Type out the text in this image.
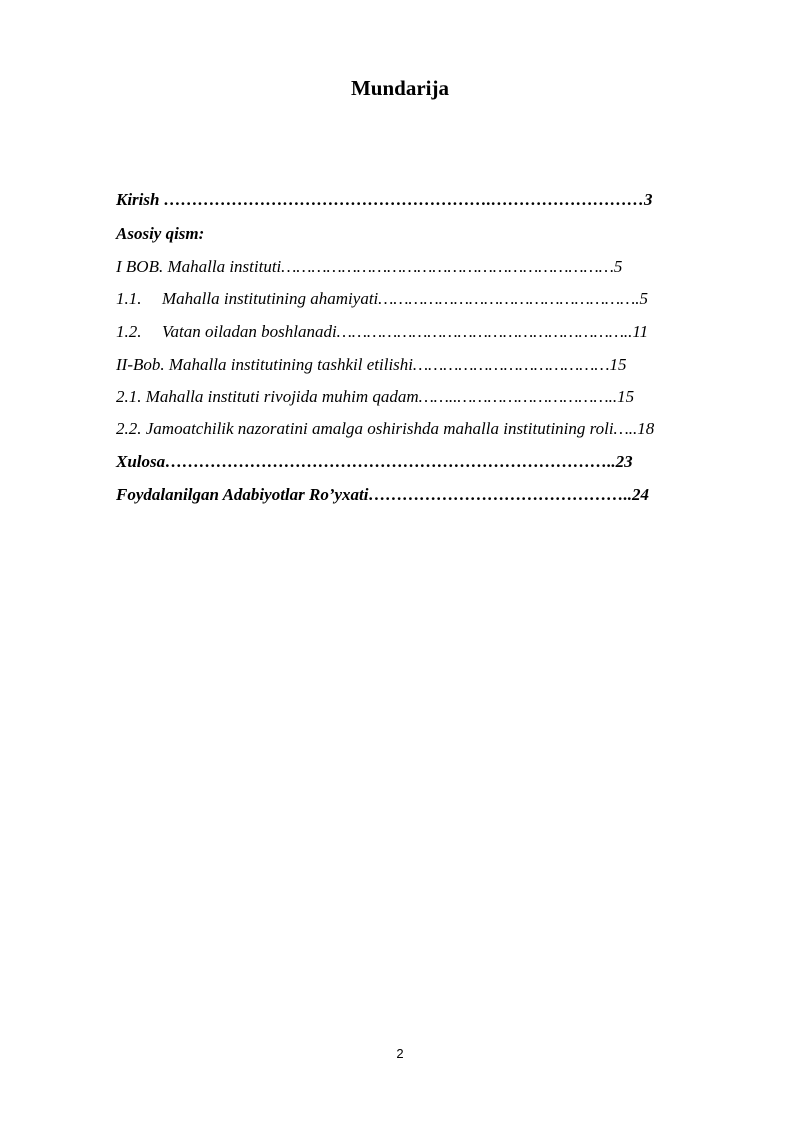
Mundarija
Kirish ………………………………………………….………………………3
Asosiy qism:
I BOB. Mahalla instituti…………………………………………………………5
1.1. Mahalla institutining ahamiyati…………………………………………….5
1.2. Vatan oiladan boshlanadi…………………………………………………..11
II-Bob. Mahalla institutining tashkil etilishi…………………………………15
2.1. Mahalla instituti rivojida muhim qadam……..…………………………..15
2.2. Jamoatchilik nazoratini amalga oshirishda mahalla institutining roli…..18
Xulosa……………………………………………………………………..23
Foydalanilgan Adabiyotlar Ro’yxati………………………………………..24
2
